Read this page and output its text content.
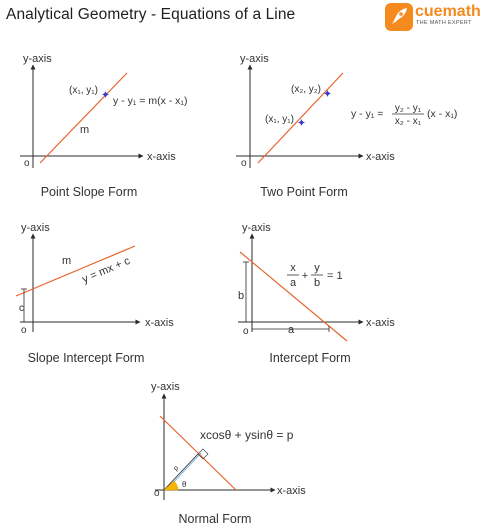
Analytical Geometry - Equations of a Line	cuemath
THE MATH EXPERT
y-axis
x-axis
o
✦
(x₁, y₁)
y - y₁ = m(x - x₁)
m
Point Slope Form
y-axis
x-axis
o
✦
✦
(x₂, y₂)
(x₁, y₁)	y - y₁ = y₂ - y₁
x₂ - x₁
(x - x₁)
Two Point Form
y-axis
x-axis
o
c
m y = mx + c
Slope Intercept Form
y-axis
x-axis
o
b
a
x
a
+
y
b
= 1
Intercept Form
y-axis
x-axis
o
θ
p
xcosθ + ysinθ = p
Normal Form
